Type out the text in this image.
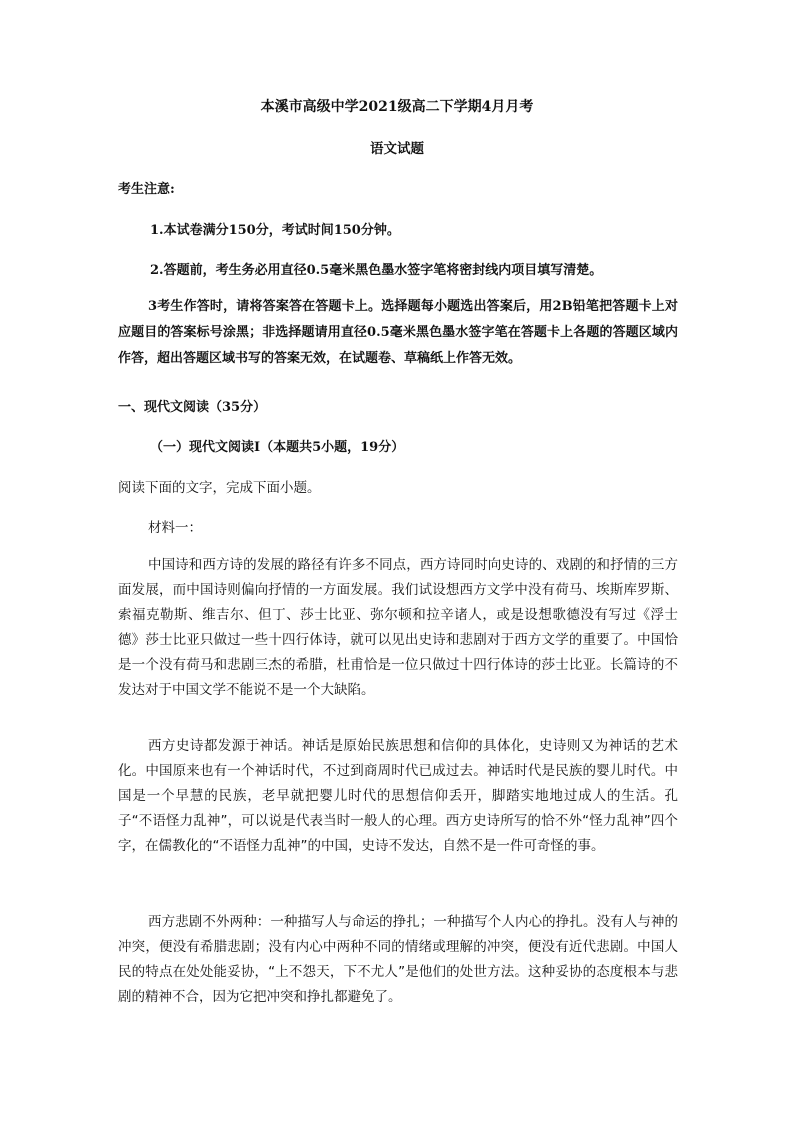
本溪市高级中学2021级高二下学期4月月考
语文试题
考生注意:
1.本试卷满分150分，考试时间150分钟。
2.答题前，考生务必用直径0.5毫米黑色墨水签字笔将密封线内项目填写清楚。
3考生作答时，请将答案答在答题卡上。选择题每小题选出答案后，用2B铅笔把答题卡上对应题目的答案标号涂黑；非选择题请用直径0.5毫米黑色墨水签字笔在答题卡上各题的答题区域内作答，超出答题区域书写的答案无效，在试题卷、草稿纸上作答无效。
一、现代文阅读（35分）
（一）现代文阅读Ⅰ（本题共5小题，19分）
阅读下面的文字，完成下面小题。
材料一：
中国诗和西方诗的发展的路径有许多不同点，西方诗同时向史诗的、戏剧的和抒情的三方面发展，而中国诗则偏向抒情的一方面发展。我们试设想西方文学中没有荷马、埃斯库罗斯、索福克勒斯、维吉尔、但丁、莎士比亚、弥尔顿和拉辛诸人，或是设想歌德没有写过《浮士德》莎士比亚只做过一些十四行体诗，就可以见出史诗和悲剧对于西方文学的重要了。中国恰是一个没有荷马和悲剧三杰的希腊，杜甫恰是一位只做过十四行体诗的莎士比亚。长篇诗的不发达对于中国文学不能说不是一个大缺陷。
西方史诗都发源于神话。神话是原始民族思想和信仰的具体化，史诗则又为神话的艺术化。中国原来也有一个神话时代，不过到商周时代已成过去。神话时代是民族的婴儿时代。中国是一个早慧的民族，老早就把婴儿时代的思想信仰丢开，脚踏实地地过成人的生活。孔子“不语怪力乱神”，可以说是代表当时一般人的心理。西方史诗所写的恰不外“怪力乱神”四个字，在儒教化的“不语怪力乱神”的中国，史诗不发达，自然不是一件可奇怪的事。
西方悲剧不外两种：一种描写人与命运的挣扎；一种描写个人内心的挣扎。没有人与神的冲突，便没有希腊悲剧；没有内心中两种不同的情绪或理解的冲突，便没有近代悲剧。中国人民的特点在处处能妥协，“上不怨天，下不尤人”是他们的处世方法。这种妥协的态度根本与悲剧的精神不合，因为它把冲突和挣扎都避免了。
